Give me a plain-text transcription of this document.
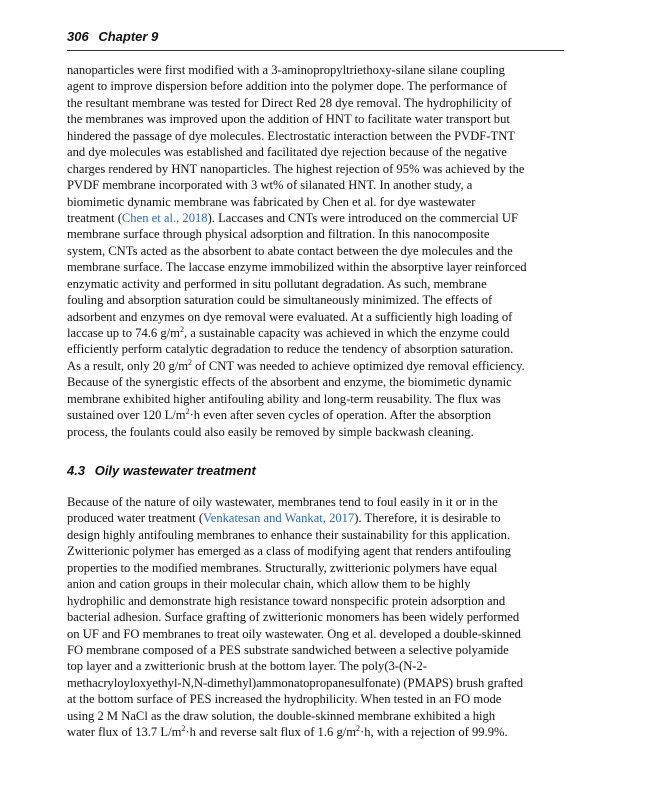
306 Chapter 9

nanoparticles were first modified with a 3-aminopropyltriethoxy-silane silane coupling
agent to improve dispersion before addition into the polymer dope. The performance of
the resultant membrane was tested for Direct Red 28 dye removal. The hydrophilicity of
the membranes was improved upon the addition of HNT to facilitate water transport but
hindered the passage of dye molecules. Electrostatic interaction between the PVDF-TNT
and dye molecules was established and facilitated dye rejection because of the negative
charges rendered by HNT nanoparticles. The highest rejection of 95% was achieved by the
PVDF membrane incorporated with 3 wt% of silanated HNT. In another study, a
biomimetic dynamic membrane was fabricated by Chen et al. for dye wastewater
treatment (Chen et al., 2018). Laccases and CNTs were introduced on the commercial UF
membrane surface through physical adsorption and filtration. In this nanocomposite
system, CNTs acted as the absorbent to abate contact between the dye molecules and the
membrane surface. The laccase enzyme immobilized within the absorptive layer reinforced
enzymatic activity and performed in situ pollutant degradation. As such, membrane
fouling and absorption saturation could be simultaneously minimized. The effects of
adsorbent and enzymes on dye removal were evaluated. At a sufficiently high loading of
laccase up to 74.6 $g/m^2$, a sustainable capacity was achieved in which the enzyme could
efficiently perform catalytic degradation to reduce the tendency of absorption saturation.
As a result, only 20 $g/m^2$ of CNT was needed to achieve optimized dye removal efficiency.
Because of the synergistic effects of the absorbent and enzyme, the biomimetic dynamic
membrane exhibited higher antifouling ability and long-term reusability. The flux was
sustained over 120 $L/m^2\cdot h$ even after seven cycles of operation. After the absorption
process, the foulants could also easily be removed by simple backwash cleaning.

4.3 Oily wastewater treatment

Because of the nature of oily wastewater, membranes tend to foul easily in it or in the
produced water treatment (Venkatesan and Wankat, 2017). Therefore, it is desirable to
design highly antifouling membranes to enhance their sustainability for this application.
Zwitterionic polymer has emerged as a class of modifying agent that renders antifouling
properties to the modified membranes. Structurally, zwitterionic polymers have equal
anion and cation groups in their molecular chain, which allow them to be highly
hydrophilic and demonstrate high resistance toward nonspecific protein adsorption and
bacterial adhesion. Surface grafting of zwitterionic monomers has been widely performed
on UF and FO membranes to treat oily wastewater. Ong et al. developed a double-skinned
FO membrane composed of a PES substrate sandwiched between a selective polyamide
top layer and a zwitterionic brush at the bottom layer. The poly(3-(N-2-
methacryloyloxyethyl-N,N-dimethyl)ammonatopropanesulfonate) (PMAPS) brush grafted
at the bottom surface of PES increased the hydrophilicity. When tested in an FO mode
using 2 M NaCl as the draw solution, the double-skinned membrane exhibited a high
water flux of 13.7 $L/m^2\cdot h$ and reverse salt flux of 1.6 $g/m^2\cdot h$, with a rejection of 99.9%.
